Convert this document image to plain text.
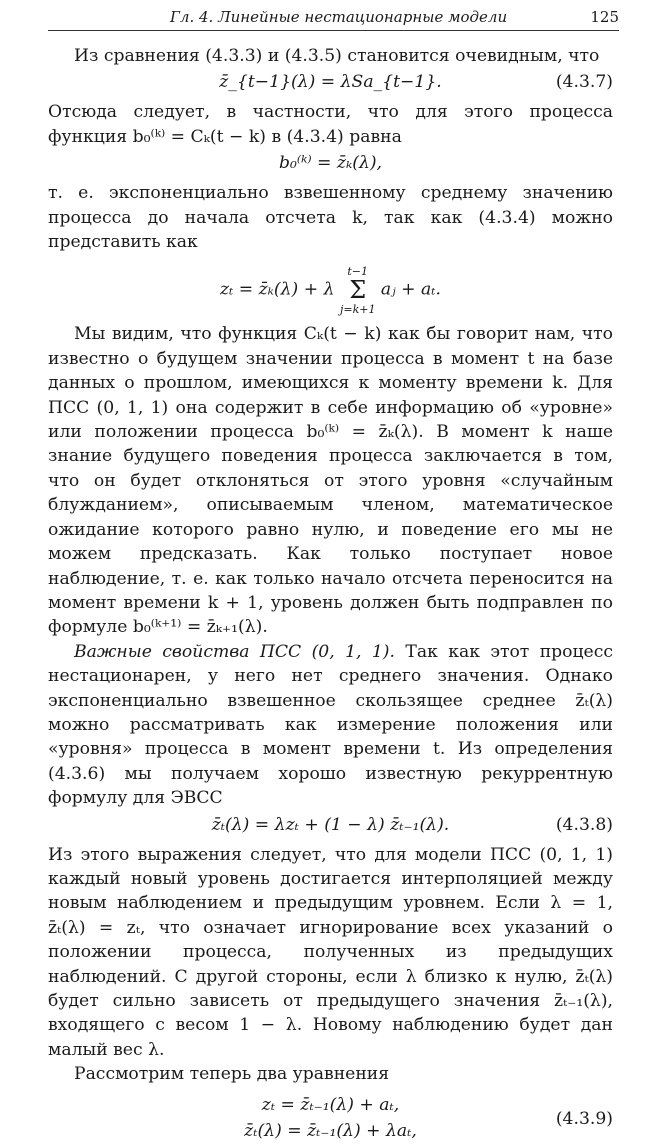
Гл. 4. Линейные нестационарные модели	125

Из сравнения (4.3.3) и (4.3.5) становится очевидным, что

z̄_{t−1}(λ) = λSa_{t−1}.	(4.3.7)

Отсюда следует, в частности, что для этого процесса функция b₀⁽ᵏ⁾ = Cₖ(t − k) в (4.3.4) равна

b₀⁽ᵏ⁾ = z̄ₖ(λ),

т. е. экспоненциально взвешенному среднему значению процесса до начала отсчета k, так как (4.3.4) можно представить как

zₜ = z̄ₖ(λ) + λ t−1
Σ
j=k+1 aⱼ + aₜ.

Мы видим, что функция Cₖ(t − k) как бы говорит нам, что известно о будущем значении процесса в момент t на базе данных о прошлом, имеющихся к моменту времени k. Для ПСС (0, 1, 1) она содержит в себе информацию об «уровне» или положении процесса b₀⁽ᵏ⁾ = z̄ₖ(λ). В момент k наше знание будущего поведения процесса заключается в том, что он будет отклоняться от этого уровня «случайным блужданием», описываемым членом, математическое ожидание которого равно нулю, и поведение его мы не можем предсказать. Как только поступает новое наблюдение, т. е. как только начало отсчета переносится на момент времени k + 1, уровень должен быть подправлен по формуле b₀⁽ᵏ⁺¹⁾ = z̄ₖ₊₁(λ).

Важные свойства ПСС (0, 1, 1). Так как этот процесс нестационарен, у него нет среднего значения. Однако экспоненциально взвешенное скользящее среднее z̄ₜ(λ) можно рассматривать как измерение положения или «уровня» процесса в момент времени t. Из определения (4.3.6) мы получаем хорошо известную рекуррентную формулу для ЭВСС

z̄ₜ(λ) = λzₜ + (1 − λ) z̄ₜ₋₁(λ).	(4.3.8)

Из этого выражения следует, что для модели ПСС (0, 1, 1) каждый новый уровень достигается интерполяцией между новым наблюдением и предыдущим уровнем. Если λ = 1, z̄ₜ(λ) = zₜ, что означает игнорирование всех указаний о положении процесса, полученных из предыдущих наблюдений. С другой стороны, если λ близко к нулю, z̄ₜ(λ) будет сильно зависеть от предыдущего значения z̄ₜ₋₁(λ), входящего с весом 1 − λ. Новому наблюдению будет дан малый вес λ.

Рассмотрим теперь два уравнения

zₜ = z̄ₜ₋₁(λ) + aₜ,
z̄ₜ(λ) = z̄ₜ₋₁(λ) + λaₜ,
(4.3.9)
